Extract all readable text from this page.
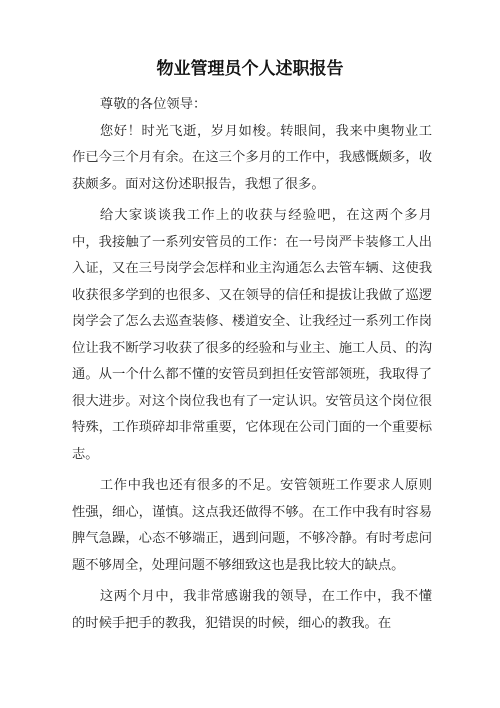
物业管理员个人述职报告

尊敬的各位领导：

您好！时光飞逝，岁月如梭。转眼间，我来中奥物业工作已今三个月有余。在这三个多月的工作中，我感慨颇多，收获颇多。面对这份述职报告，我想了很多。

给大家谈谈我工作上的收获与经验吧，在这两个多月中，我接触了一系列安管员的工作：在一号岗严卡装修工人出入证，又在三号岗学会怎样和业主沟通怎么去管车辆、这使我收获很多学到的也很多、又在领导的信任和提拔让我做了巡逻岗学会了怎么去巡查装修、楼道安全、让我经过一系列工作岗位让我不断学习收获了很多的经验和与业主、施工人员、的沟通。从一个什么都不懂的安管员到担任安管部领班，我取得了很大进步。对这个岗位我也有了一定认识。安管员这个岗位很特殊，工作琐碎却非常重要，它体现在公司门面的一个重要标志。

工作中我也还有很多的不足。安管领班工作要求人原则性强，细心，谨慎。这点我还做得不够。在工作中我有时容易脾气急躁，心态不够端正，遇到问题，不够冷静。有时考虑问题不够周全，处理问题不够细致这也是我比较大的缺点。

这两个月中，我非常感谢我的领导，在工作中，我不懂的时候手把手的教我，犯错误的时候，细心的教我。在
